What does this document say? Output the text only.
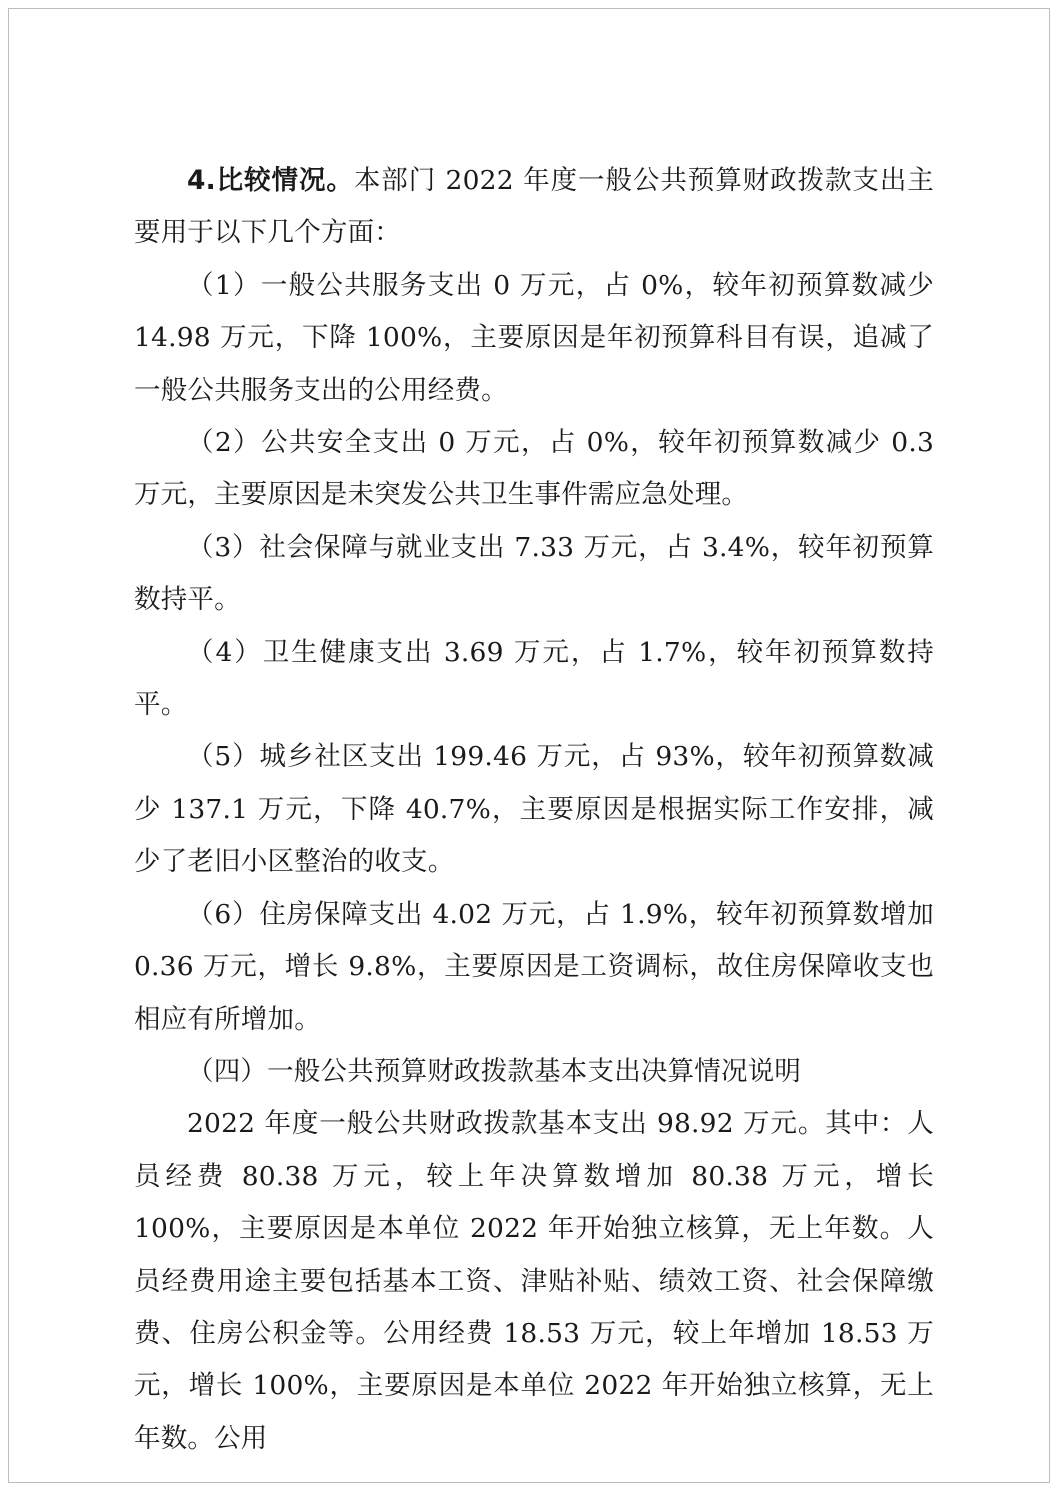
4.比较情况。本部门 2022 年度一般公共预算财政拨款支出主要用于以下几个方面：

（1）一般公共服务支出 0 万元，占 0%，较年初预算数减少 14.98 万元，下降 100%，主要原因是年初预算科目有误，追减了一般公共服务支出的公用经费。

（2）公共安全支出 0 万元，占 0%，较年初预算数减少 0.3 万元，主要原因是未突发公共卫生事件需应急处理。

（3）社会保障与就业支出 7.33 万元，占 3.4%，较年初预算数持平。

（4）卫生健康支出 3.69 万元，占 1.7%，较年初预算数持平。

（5）城乡社区支出 199.46 万元，占 93%，较年初预算数减少 137.1 万元，下降 40.7%，主要原因是根据实际工作安排，减少了老旧小区整治的收支。

（6）住房保障支出 4.02 万元，占 1.9%，较年初预算数增加 0.36 万元，增长 9.8%，主要原因是工资调标，故住房保障收支也相应有所增加。

（四）一般公共预算财政拨款基本支出决算情况说明

2022 年度一般公共财政拨款基本支出 98.92 万元。其中：人员经费 80.38 万元，较上年决算数增加 80.38 万元，增长 100%，主要原因是本单位 2022 年开始独立核算，无上年数。人员经费用途主要包括基本工资、津贴补贴、绩效工资、社会保障缴费、住房公积金等。公用经费 18.53 万元，较上年增加 18.53 万元，增长 100%，主要原因是本单位 2022 年开始独立核算，无上年数。公用
